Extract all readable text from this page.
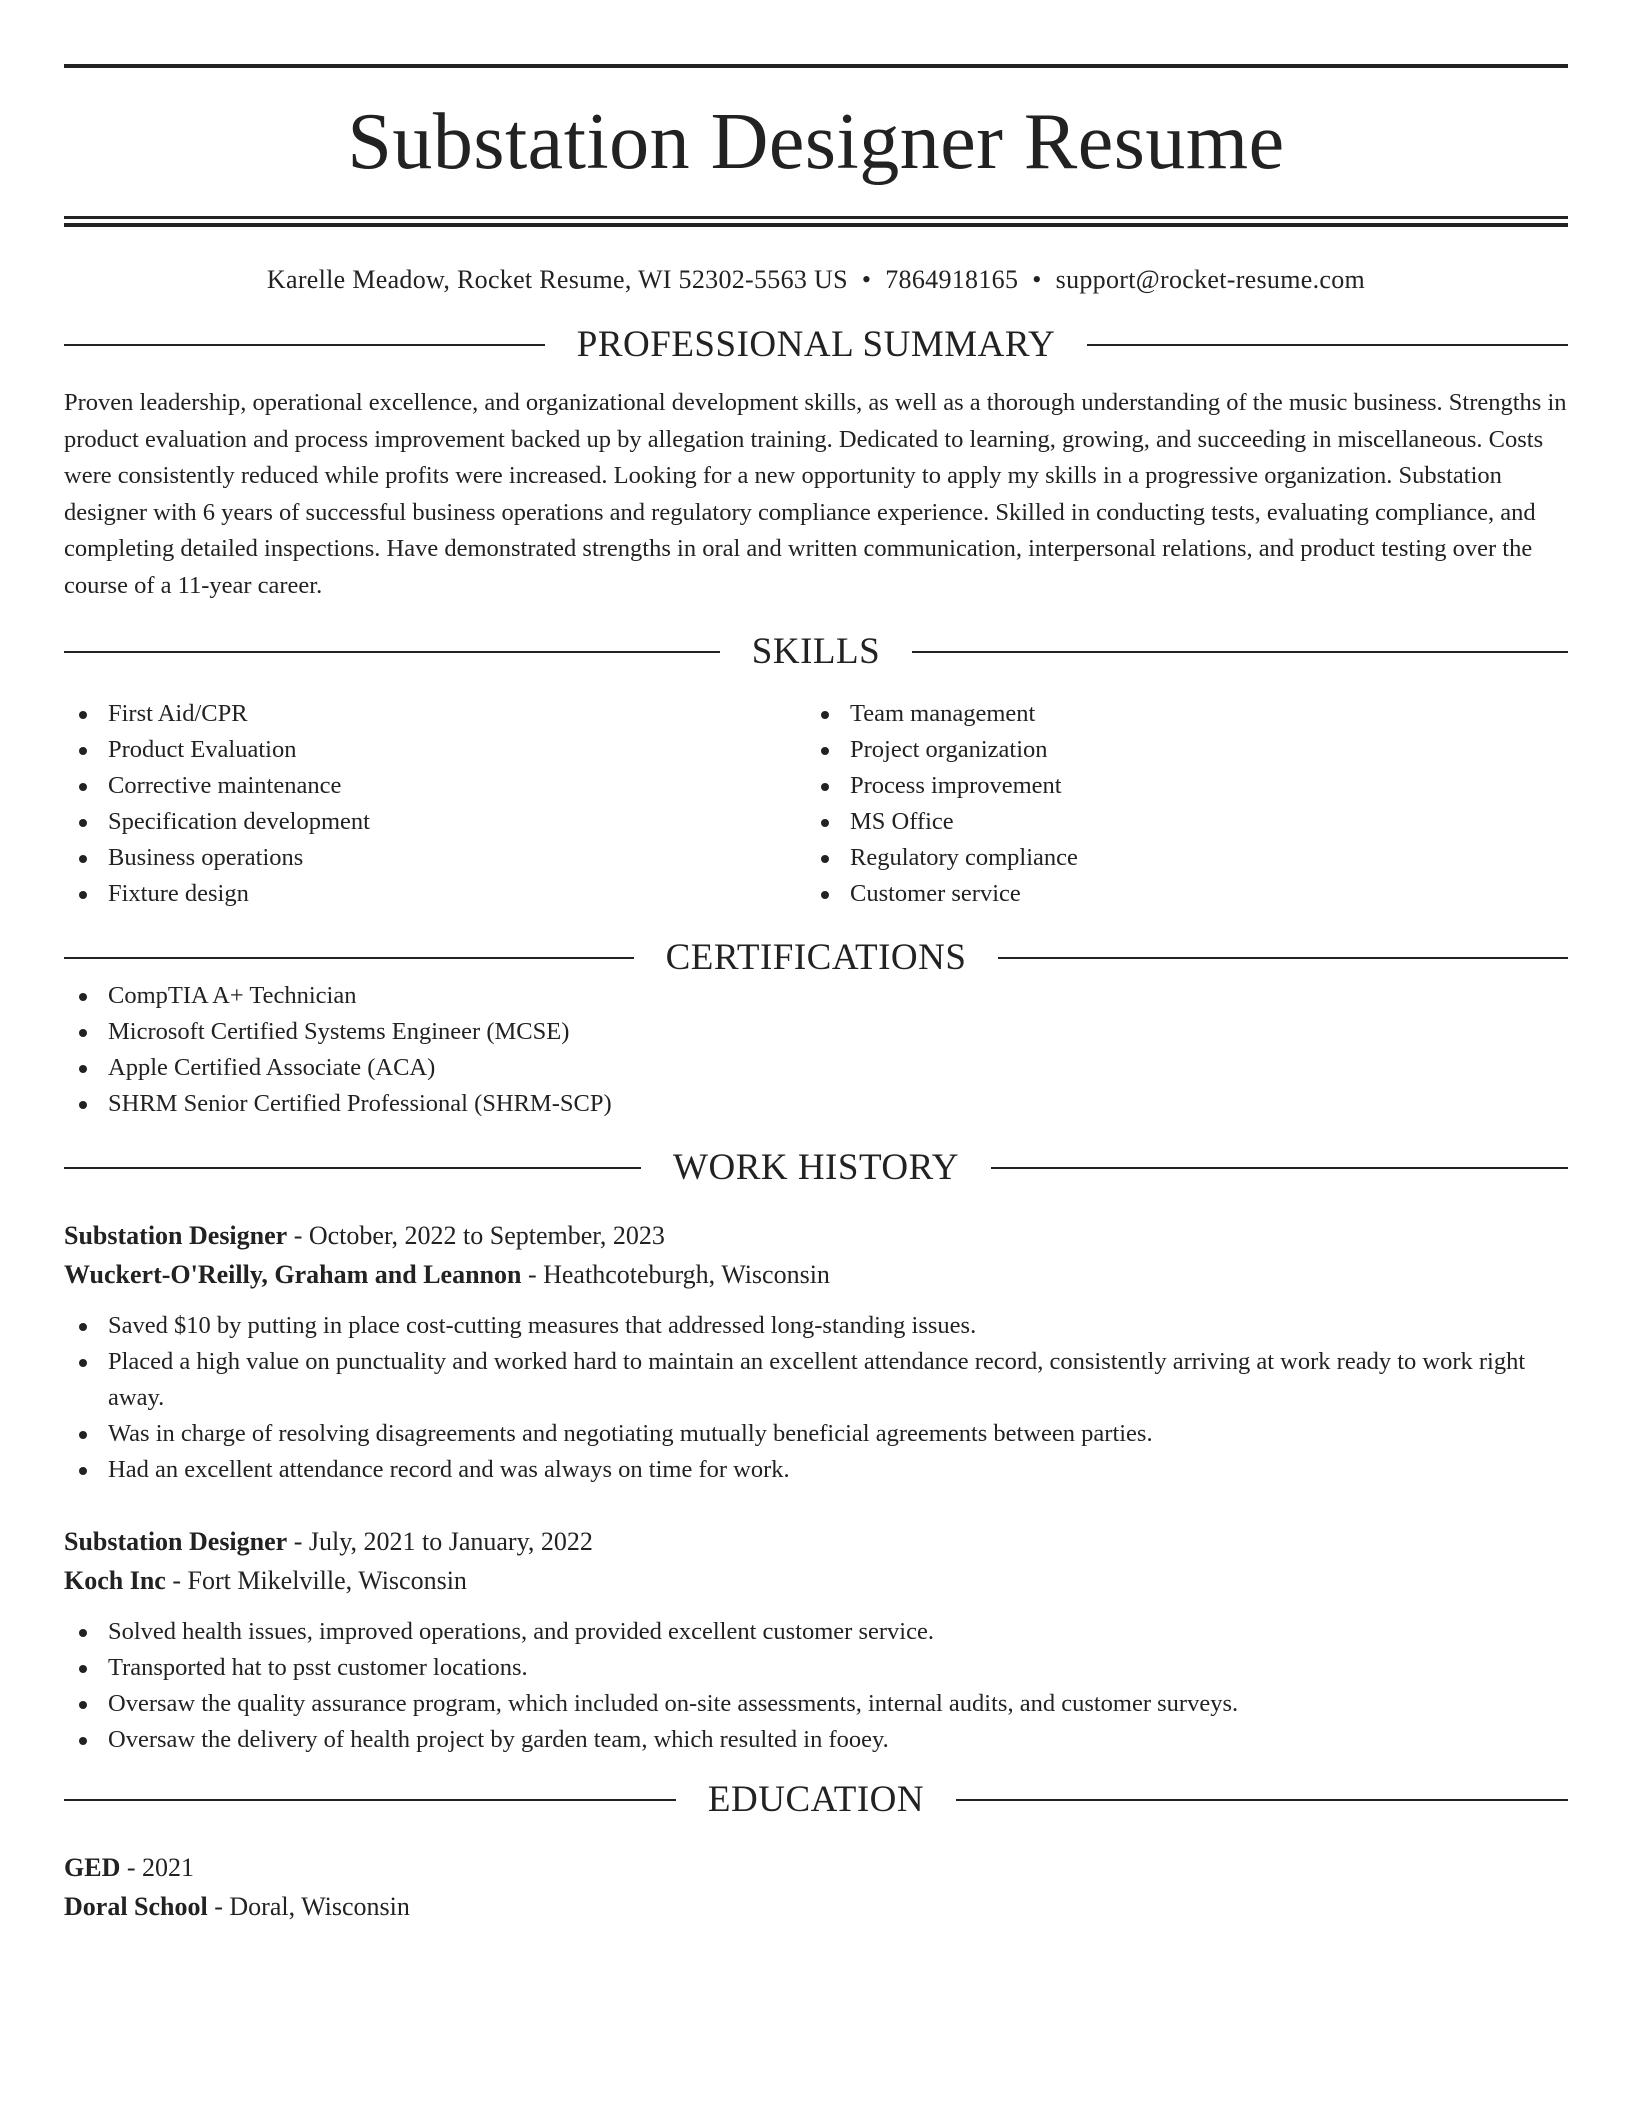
Substation Designer Resume
Karelle Meadow, Rocket Resume, WI 52302-5563 US • 7864918165 • support@rocket-resume.com
PROFESSIONAL SUMMARY

Proven leadership, operational excellence, and organizational development skills, as well as a thorough understanding of the music business. Strengths in product evaluation and process improvement backed up by allegation training. Dedicated to learning, growing, and succeeding in miscellaneous. Costs were consistently reduced while profits were increased. Looking for a new opportunity to apply my skills in a progressive organization. Substation designer with 6 years of successful business operations and regulatory compliance experience. Skilled in conducting tests, evaluating compliance, and completing detailed inspections. Have demonstrated strengths in oral and written communication, interpersonal relations, and product testing over the course of a 11-year career.

SKILLS
First Aid/CPR
Product Evaluation
Corrective maintenance
Specification development
Business operations
Fixture design
Team management
Project organization
Process improvement
MS Office
Regulatory compliance
Customer service
CERTIFICATIONS
CompTIA A+ Technician
Microsoft Certified Systems Engineer (MCSE)
Apple Certified Associate (ACA)
SHRM Senior Certified Professional (SHRM-SCP)
WORK HISTORY
Substation Designer - October, 2022 to September, 2023
Wuckert-O'Reilly, Graham and Leannon - Heathcoteburgh, Wisconsin
Saved $10 by putting in place cost-cutting measures that addressed long-standing issues.
Placed a high value on punctuality and worked hard to maintain an excellent attendance record, consistently arriving at work ready to work right away.
Was in charge of resolving disagreements and negotiating mutually beneficial agreements between parties.
Had an excellent attendance record and was always on time for work.
Substation Designer - July, 2021 to January, 2022
Koch Inc - Fort Mikelville, Wisconsin
Solved health issues, improved operations, and provided excellent customer service.
Transported hat to psst customer locations.
Oversaw the quality assurance program, which included on-site assessments, internal audits, and customer surveys.
Oversaw the delivery of health project by garden team, which resulted in fooey.
EDUCATION
GED - 2021
Doral School - Doral, Wisconsin
